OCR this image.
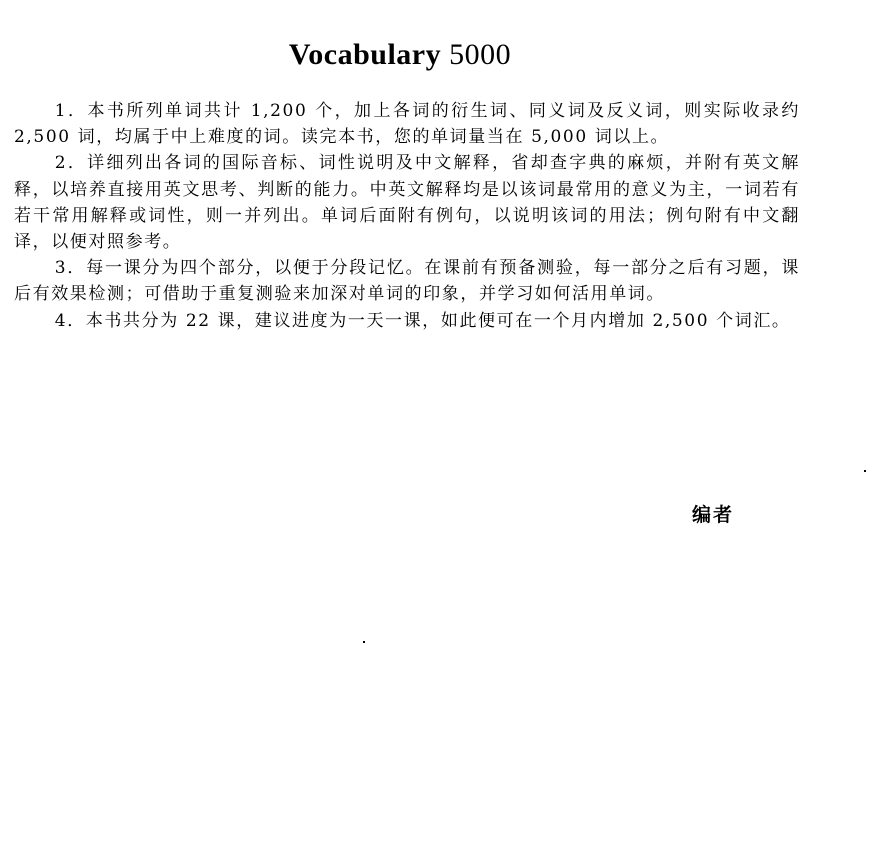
Vocabulary 5000

1．本书所列单词共计 1,200 个，加上各词的衍生词、同义词及反义词，则实际收录约 2,500 词，均属于中上难度的词。读完本书，您的单词量当在 5,000 词以上。

2．详细列出各词的国际音标、词性说明及中文解释，省却查字典的麻烦，并附有英文解释，以培养直接用英文思考、判断的能力。中英文解释均是以该词最常用的意义为主，一词若有若干常用解释或词性，则一并列出。单词后面附有例句，以说明该词的用法；例句附有中文翻译，以便对照参考。

3．每一课分为四个部分，以便于分段记忆。在课前有预备测验，每一部分之后有习题，课后有效果检测；可借助于重复测验来加深对单词的印象，并学习如何活用单词。

4．本书共分为 22 课，建议进度为一天一课，如此便可在一个月内增加 2,500 个词汇。

编者
